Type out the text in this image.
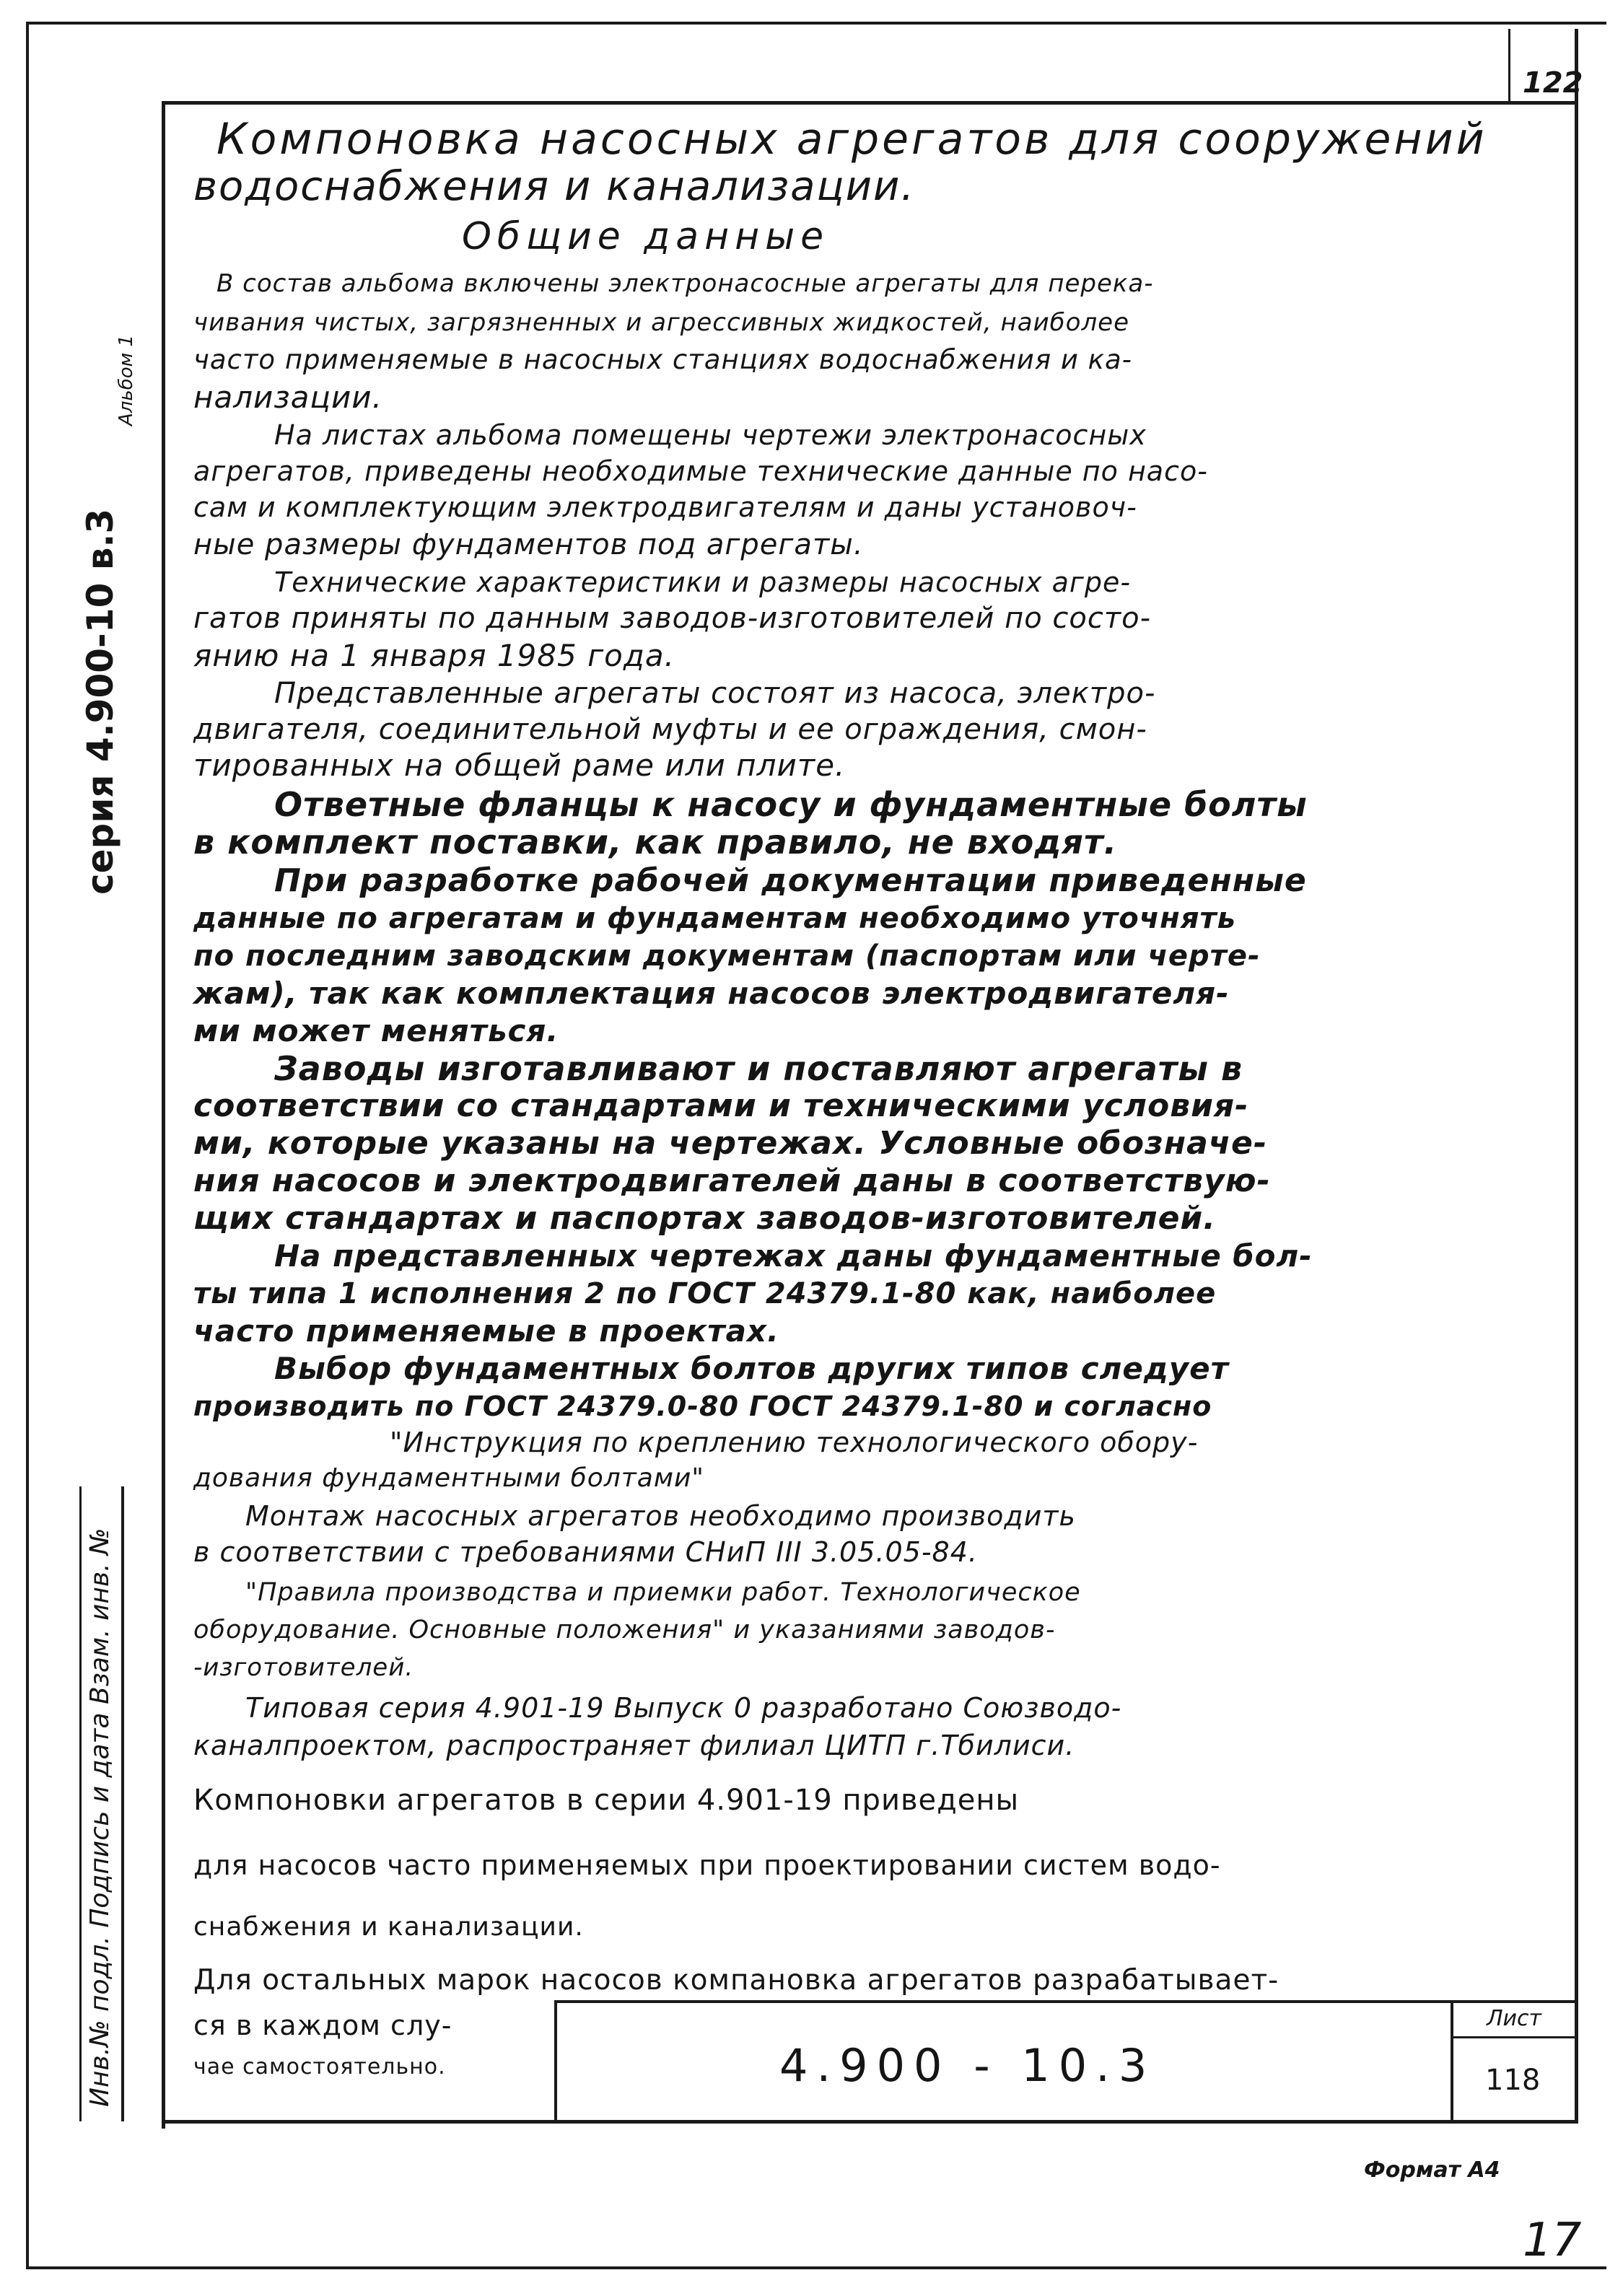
122
серия 4.900-10 в.3
Альбом 1
Инв.№ подл. Подпись и дата Взам. инв. №
Компоновка насосных агрегатов для сооружений
водоснабжения и канализации.
Общие данные
В состав альбома включены электронасосные агрегаты для перека-
чивания чистых, загрязненных и агрессивных жидкостей, наиболее
часто применяемые в насосных станциях водоснабжения и ка-
нализации.
На листах альбома помещены чертежи электронасосных
агрегатов, приведены необходимые технические данные по насо-
сам и комплектующим электродвигателям и даны установоч-
ные размеры фундаментов под агрегаты.
Технические характеристики и размеры насосных агре-
гатов приняты по данным заводов-изготовителей по состо-
янию на 1 января 1985 года.
Представленные агрегаты состоят из насоса, электро-
двигателя, соединительной муфты и ее ограждения, смон-
тированных на общей раме или плите.
Ответные фланцы к насосу и фундаментные болты
в комплект поставки, как правило, не входят.
При разработке рабочей документации приведенные
данные по агрегатам и фундаментам необходимо уточнять
по последним заводским документам (паспортам или черте-
жам), так как комплектация насосов электродвигателя-
ми может меняться.
Заводы изготавливают и поставляют агрегаты в
соответствии со стандартами и техническими условия-
ми, которые указаны на чертежах. Условные обозначе-
ния насосов и электродвигателей даны в соответствую-
щих стандартах и паспортах заводов-изготовителей.
На представленных чертежах даны фундаментные бол-
ты типа 1 исполнения 2 по ГОСТ 24379.1-80 как, наиболее
часто применяемые в проектах.
Выбор фундаментных болтов других типов следует
производить по ГОСТ 24379.0-80 ГОСТ 24379.1-80 и согласно
"Инструкция по креплению технологического обору-
дования фундаментными болтами"
Монтаж насосных агрегатов необходимо производить
в соответствии с требованиями СНиП III 3.05.05-84.
"Правила производства и приемки работ. Технологическое
оборудование. Основные положения" и указаниями заводов-
-изготовителей.
Типовая серия 4.901-19 Выпуск 0 разработано Союзводо-
каналпроектом, распространяет филиал ЦИТП г.Тбилиси.
Компоновки агрегатов в серии 4.901-19 приведены
для насосов часто применяемых при проектировании систем водо-
снабжения и канализации.
Для остальных марок насосов компановка агрегатов разрабатывает-
ся в каждом слу-
чае самостоятельно.	4.900 - 10.3
Лист
118
Формат А4
17
